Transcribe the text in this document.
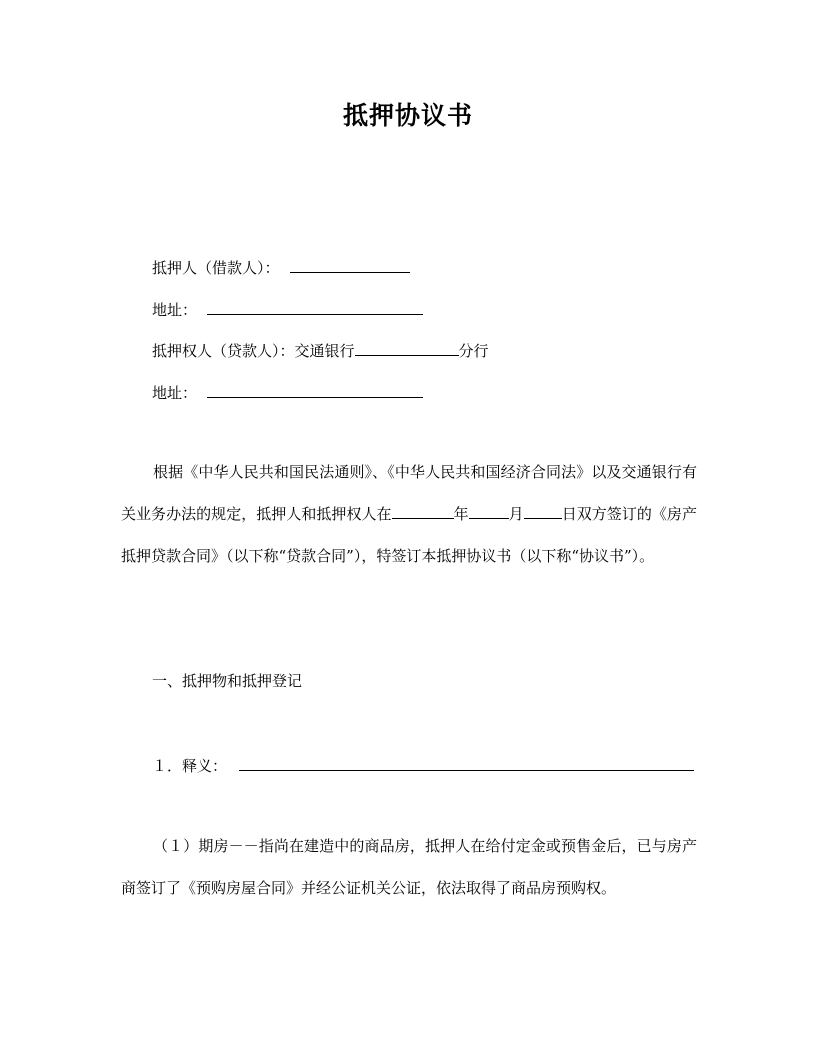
抵押协议书
抵押人（借款人）：
地址：
抵押权人（贷款人）：交通银行	分行
地址：
根据《中华人民共和国民法通则》、《中华人民共和国经济合同法》以及交通银行有关业务办法的规定，抵押人和抵押权人在	年	月	日双方签订的《房产抵押贷款合同》（以下称“贷款合同”），特签订本抵押协议书（以下称“协议书”）。
一、抵押物和抵押登记
１．释义：
（１）期房－－指尚在建造中的商品房，抵押人在给付定金或预售金后，已与房产商签订了《预购房屋合同》并经公证机关公证，依法取得了商品房预购权。
